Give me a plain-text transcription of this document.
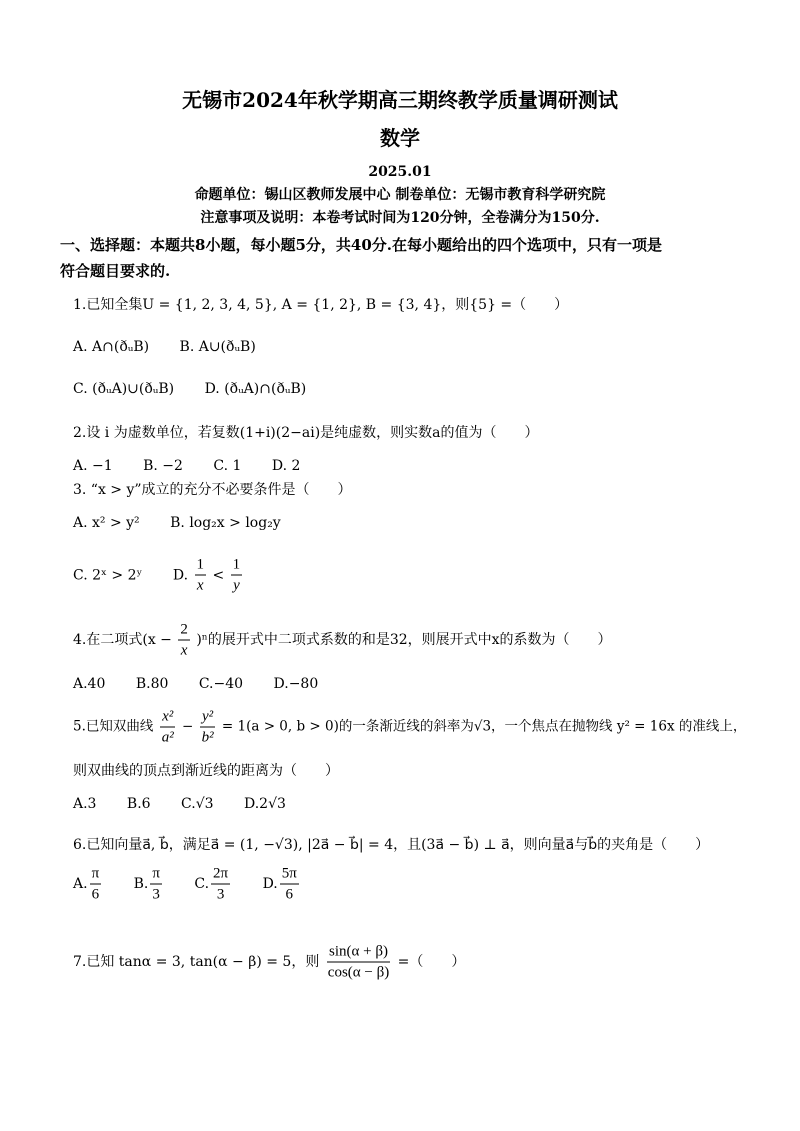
无锡市2024年秋学期高三期终教学质量调研测试
数学
2025.01
命题单位：锡山区教师发展中心 制卷单位：无锡市教育科学研究院
注意事项及说明：本卷考试时间为120分钟，全卷满分为150分.
一、选择题：本题共8小题，每小题5分，共40分.在每小题给出的四个选项中，只有一项是
符合题目要求的.
1.已知全集U = {1, 2, 3, 4, 5}, A = {1, 2}, B = {3, 4}，则{5} =（　　）
A. A∩(ðᵤB) B. A∪(ðᵤB)
C. (ðᵤA)∪(ðᵤB) D. (ðᵤA)∩(ðᵤB)
2.设 i 为虚数单位，若复数(1+i)(2−ai)是纯虚数，则实数a的值为（　　）
A. −1 B. −2 C. 1 D. 2
3. “x > y”成立的充分不必要条件是（　　）
A. x² > y² B. log₂x > log₂y
C. 2ˣ > 2ʸ D. $\frac{1}{x} < \frac{1}{y}$
4.在二项式$(x - \frac{2}{x} )^n$的展开式中二项式系数的和是32，则展开式中x的系数为（　　）
A.40 B.80 C.−40 D.−80
5.已知双曲线 $\frac{\text{x²}}{\text{a²}} - \frac{\text{y²}}{\text{b²}} = 1(a > 0$, b > 0)的一条渐近线的斜率为√3，一个焦点在抛物线 y² = 16x 的准线上，
则双曲线的顶点到渐近线的距离为（　　）
A.3 B.6 C.√3 D.2√3
6.已知向量a⃗, b⃗，满足a⃗ = (1, −√3), |2a⃗ − b⃗| = 4，且(3a⃗ − b⃗) ⊥ a⃗，则向量a⃗与b⃗的夹角是（　　）
A. $\frac{\pi}{6} B$. $\frac{\pi}{3} C$. $\frac{2\pi}{3} D$. $\frac{5\pi}{6}$
7.已知 tanα = 3, tan(α − β) = 5，则 $\frac{\sin(\alpha + \beta)}{\cos(\alpha - \beta)}$ =（　　）
